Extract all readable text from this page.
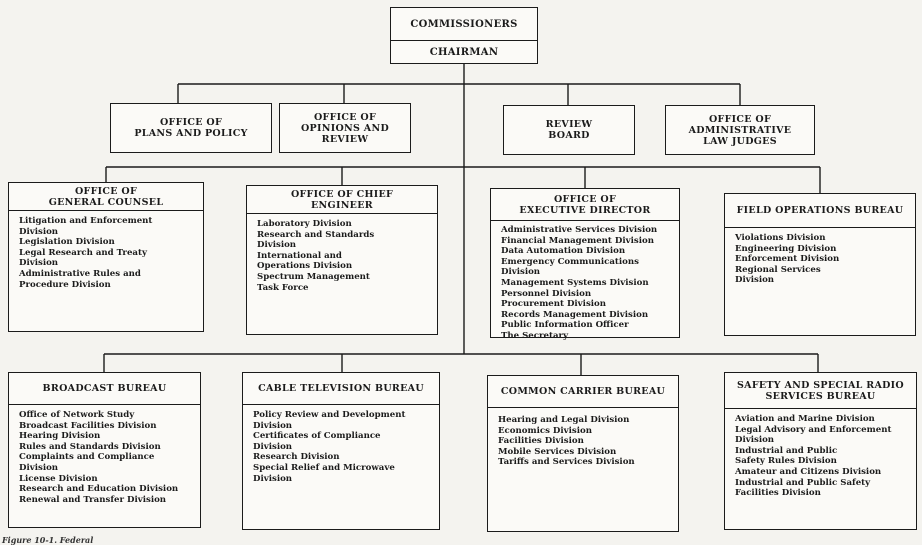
COMMISSIONERS
CHAIRMAN
OFFICE OF
PLANS AND POLICY
OFFICE OF
OPINIONS AND
REVIEW
REVIEW
BOARD
OFFICE OF
ADMINISTRATIVE
LAW JUDGES
OFFICE OF
GENERAL COUNSEL
Litigation and Enforcement
Division
Legislation Division
Legal Research and Treaty
Division
Administrative Rules and
Procedure Division
OFFICE OF CHIEF
ENGINEER
Laboratory Division
Research and Standards
Division
International and
Operations Division
Spectrum Management
Task Force
OFFICE OF
EXECUTIVE DIRECTOR
Administrative Services Division
Financial Management Division
Data Automation Division
Emergency Communications Division
Management Systems Division
Personnel Division
Procurement Division
Records Management Division
Public Information Officer
The Secretary
FIELD OPERATIONS BUREAU
Violations Division
Engineering Division
Enforcement Division
Regional Services
Division
BROADCAST BUREAU
Office of Network Study
Broadcast Facilities Division
Hearing Division
Rules and Standards Division
Complaints and Compliance
Division
License Division
Research and Education Division
Renewal and Transfer Division
CABLE TELEVISION BUREAU
Policy Review and Development
Division
Certificates of Compliance
Division
Research Division
Special Relief and Microwave
Division
COMMON CARRIER BUREAU
Hearing and Legal Division
Economics Division
Facilities Division
Mobile Services Division
Tariffs and Services Division
SAFETY AND SPECIAL RADIO
SERVICES BUREAU
Aviation and Marine Division
Legal Advisory and Enforcement
Division
Industrial and Public
Safety Rules Division
Amateur and Citizens Division
Industrial and Public Safety
Facilities Division
Figure 10-1. Federal
